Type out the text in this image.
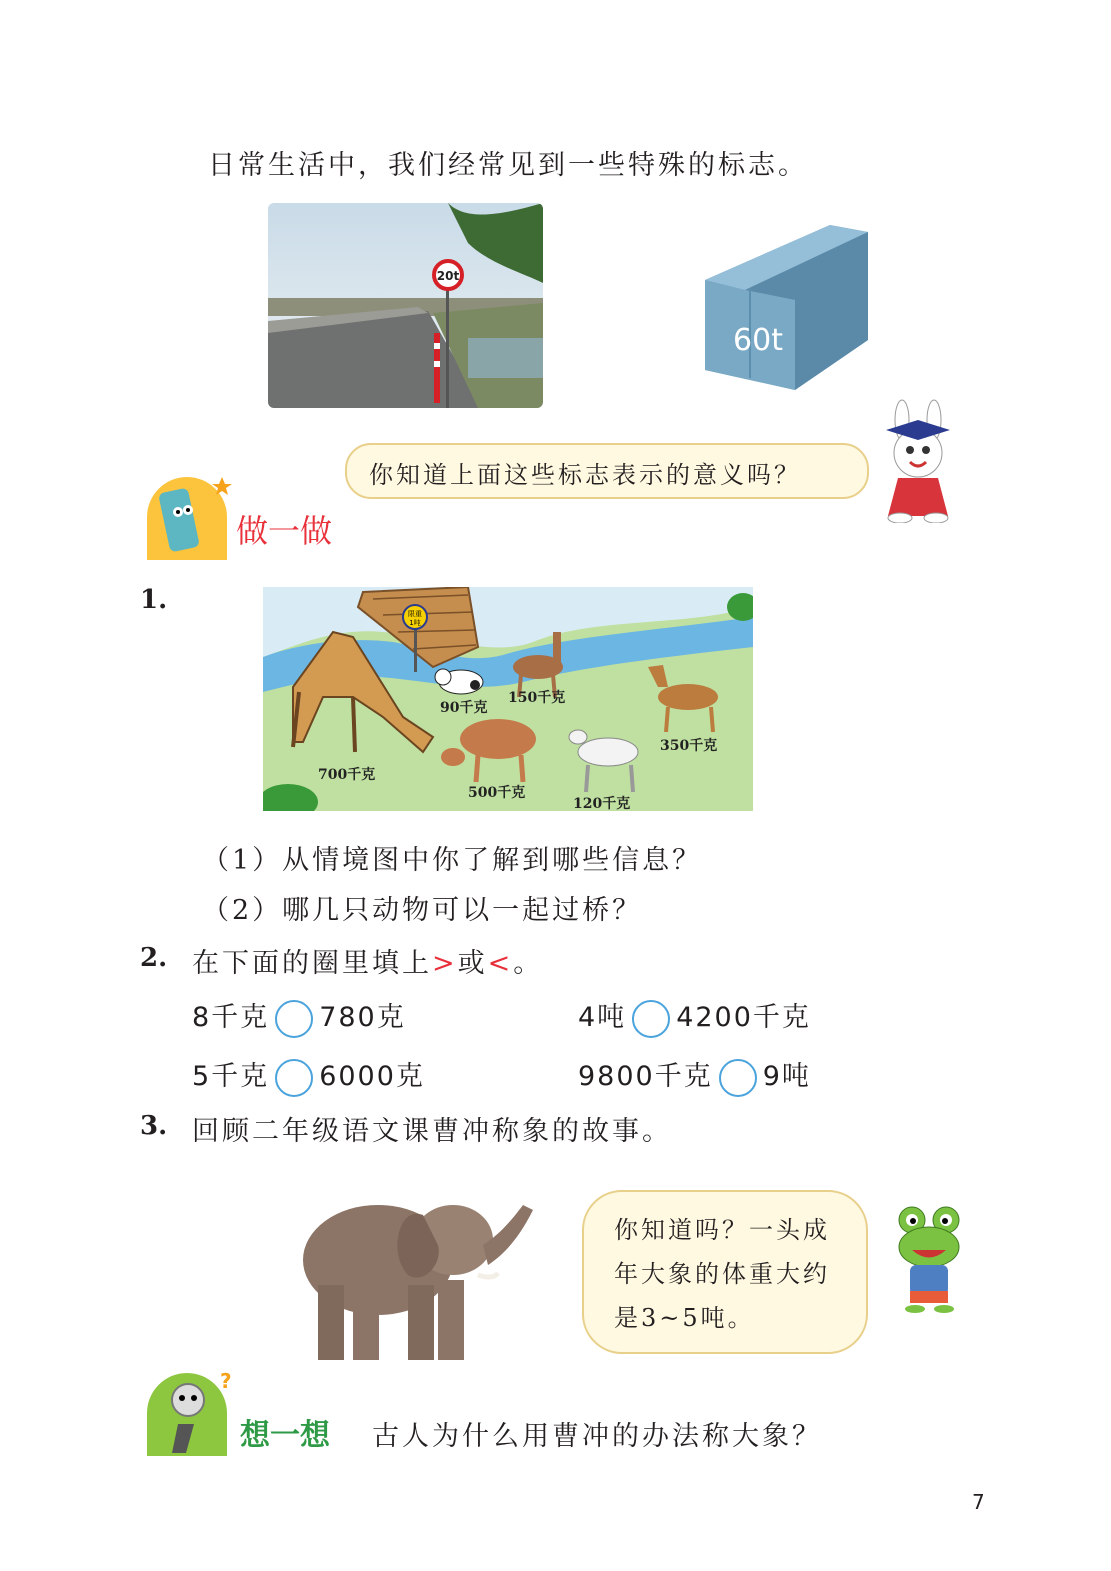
日常生活中，我们经常见到一些特殊的标志。
20t
60t
你知道上面这些标志表示的意义吗？
做一做
1.	限重
1吨
700千克
90千克
150千克
350千克
500千克
120千克
（1）从情境图中你了解到哪些信息？
（2）哪几只动物可以一起过桥？
2. 在下面的圈里填上>或<。
8千克 780克	4吨 4200千克
5千克 6000克	9800千克 9吨
3. 回顾二年级语文课曹冲称象的故事。
你知道吗？一头成
年大象的体重大约
是3~5吨。
?
想一想 古人为什么用曹冲的办法称大象？
7
